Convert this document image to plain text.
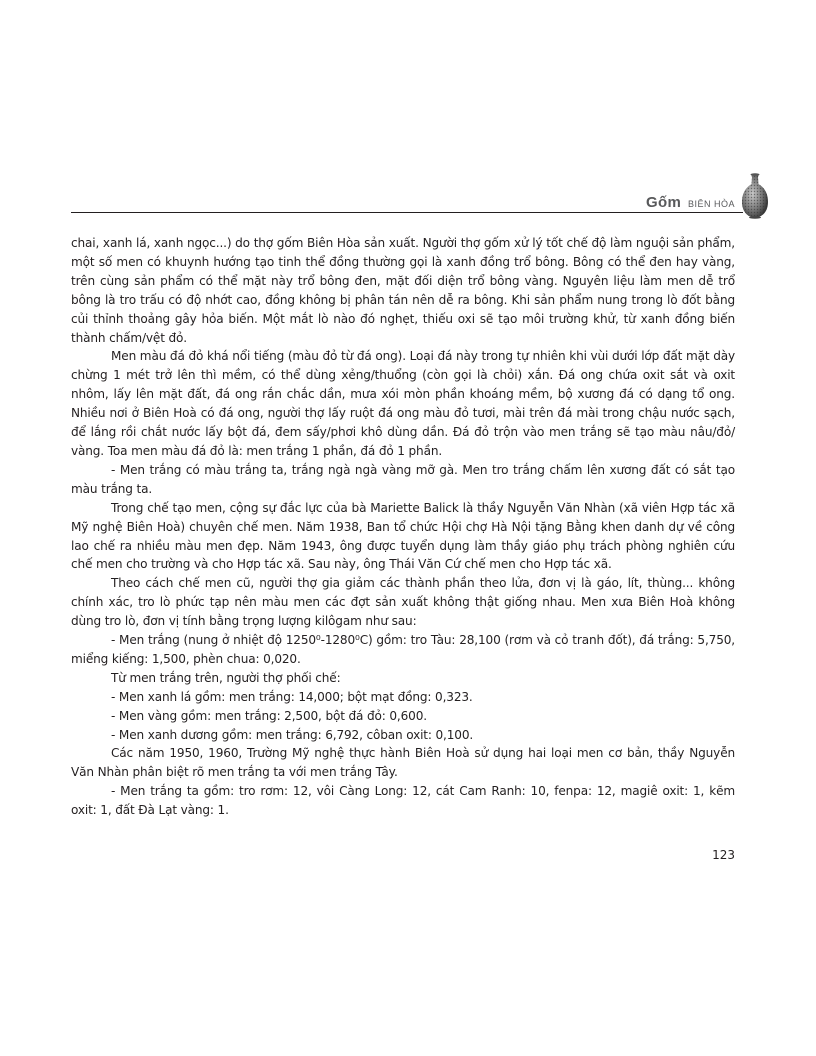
Gốm BIÊN HÒA

chai, xanh lá, xanh ngọc...) do thợ gốm Biên Hòa sản xuất. Người thợ gốm xử lý tốt chế độ làm nguội sản phẩm, một số men có khuynh hướng tạo tinh thể đồng thường gọi là xanh đồng trổ bông. Bông có thể đen hay vàng, trên cùng sản phẩm có thể mặt này trổ bông đen, mặt đối diện trổ bông vàng. Nguyên liệu làm men dễ trổ bông là tro trấu có độ nhớt cao, đồng không bị phân tán nên dễ ra bông. Khi sản phẩm nung trong lò đốt bằng củi thỉnh thoảng gây hỏa biến. Một mắt lò nào đó nghẹt, thiếu oxi sẽ tạo môi trường khử, từ xanh đồng biến thành chấm/vệt đỏ.

Men màu đá đỏ khá nổi tiếng (màu đỏ từ đá ong). Loại đá này trong tự nhiên khi vùi dưới lớp đất mặt dày chừng 1 mét trở lên thì mềm, có thể dùng xẻng/thuổng (còn gọi là chỏi) xắn. Đá ong chứa oxit sắt và oxit nhôm, lấy lên mặt đất, đá ong rắn chắc dần, mưa xói mòn phần khoáng mềm, bộ xương đá có dạng tổ ong. Nhiều nơi ở Biên Hoà có đá ong, người thợ lấy ruột đá ong màu đỏ tươi, mài trên đá mài trong chậu nước sạch, để lắng rồi chắt nước lấy bột đá, đem sấy/phơi khô dùng dần. Đá đỏ trộn vào men trắng sẽ tạo màu nâu/đỏ/ vàng. Toa men màu đá đỏ là: men trắng 1 phần, đá đỏ 1 phần.

- Men trắng có màu trắng ta, trắng ngà ngà vàng mỡ gà. Men tro trắng chấm lên xương đất có sắt tạo màu trắng ta.

Trong chế tạo men, cộng sự đắc lực của bà Mariette Balick là thầy Nguyễn Văn Nhàn (xã viên Hợp tác xã Mỹ nghệ Biên Hoà) chuyên chế men. Năm 1938, Ban tổ chức Hội chợ Hà Nội tặng Bằng khen danh dự về công lao chế ra nhiều màu men đẹp. Năm 1943, ông được tuyển dụng làm thầy giáo phụ trách phòng nghiên cứu chế men cho trường và cho Hợp tác xã. Sau này, ông Thái Văn Cứ chế men cho Hợp tác xã.

Theo cách chế men cũ, người thợ gia giảm các thành phần theo lửa, đơn vị là gáo, lít, thùng... không chính xác, tro lò phức tạp nên màu men các đợt sản xuất không thật giống nhau. Men xưa Biên Hoà không dùng tro lò, đơn vị tính bằng trọng lượng kilôgam như sau:

- Men trắng (nung ở nhiệt độ 1250⁰-1280⁰C) gồm: tro Tàu: 28,100 (rơm và cỏ tranh đốt), đá trắng: 5,750, miểng kiếng: 1,500, phèn chua: 0,020.

Từ men trắng trên, người thợ phối chế:

- Men xanh lá gồm: men trắng: 14,000; bột mạt đồng: 0,323.

- Men vàng gồm: men trắng: 2,500, bột đá đỏ: 0,600.

- Men xanh dương gồm: men trắng: 6,792, côban oxit: 0,100.

Các năm 1950, 1960, Trường Mỹ nghệ thực hành Biên Hoà sử dụng hai loại men cơ bản, thầy Nguyễn Văn Nhàn phân biệt rõ men trắng ta với men trắng Tây.

- Men trắng ta gồm: tro rơm: 12, vôi Càng Long: 12, cát Cam Ranh: 10, fenpa: 12, magiê oxit: 1, kẽm oxit: 1, đất Đà Lạt vàng: 1.

123
